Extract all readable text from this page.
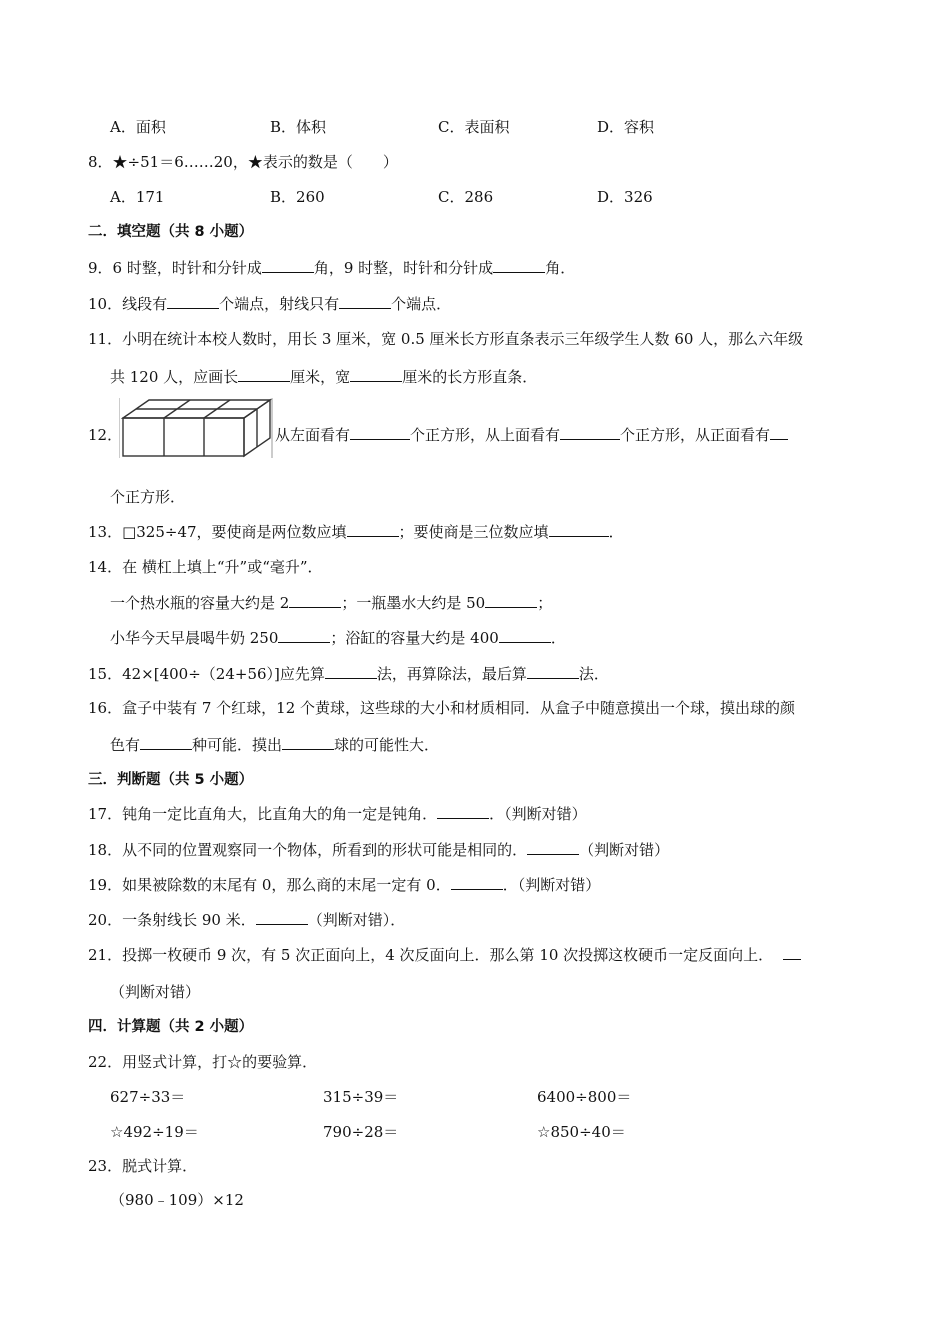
A．面积	B．体积	C．表面积	D．容积
8．★÷51＝6……20，★表示的数是（　　）
A．171	B．260	C．286	D．326
二．填空题（共 8 小题）
9．6 时整，时针和分针成	角，9 时整，时针和分针成	角．
10．线段有	个端点，射线只有	个端点．
11．小明在统计本校人数时，用长 3 厘米，宽 0.5 厘米长方形直条表示三年级学生人数 60 人，那么六年级
共 120 人，应画长	厘米，宽	厘米的长方形直条．
12．	从左面看有	个正方形，从上面看有	个正方形，从正面看有
个正方形．
13．□325÷47，要使商是两位数应填	；要使商是三位数应填	．
14．在 横杠上填上“升”或“毫升”．
一个热水瓶的容量大约是 2	；一瓶墨水大约是 50	；
小华今天早晨喝牛奶 250	；浴缸的容量大约是 400	．
15．42×[400÷（24+56）]应先算	法，再算除法，最后算	法．
16．盒子中装有 7 个红球，12 个黄球，这些球的大小和材质相同．从盒子中随意摸出一个球，摸出球的颜
色有	种可能．摸出	球的可能性大．
三．判断题（共 5 小题）
17．钝角一定比直角大，比直角大的角一定是钝角．	．（判断对错）
18．从不同的位置观察同一个物体，所看到的形状可能是相同的．	（判断对错）
19．如果被除数的末尾有 0，那么商的末尾一定有 0．	．（判断对错）
20．一条射线长 90 米．	（判断对错）．
21．投掷一枚硬币 9 次，有 5 次正面向上，4 次反面向上．那么第 10 次投掷这枚硬币一定反面向上．
（判断对错）
四．计算题（共 2 小题）
22．用竖式计算，打☆的要验算．
627÷33＝	315÷39＝	6400÷800＝
☆492÷19＝	790÷28＝	☆850÷40＝
23．脱式计算．
（980﹣109）×12
